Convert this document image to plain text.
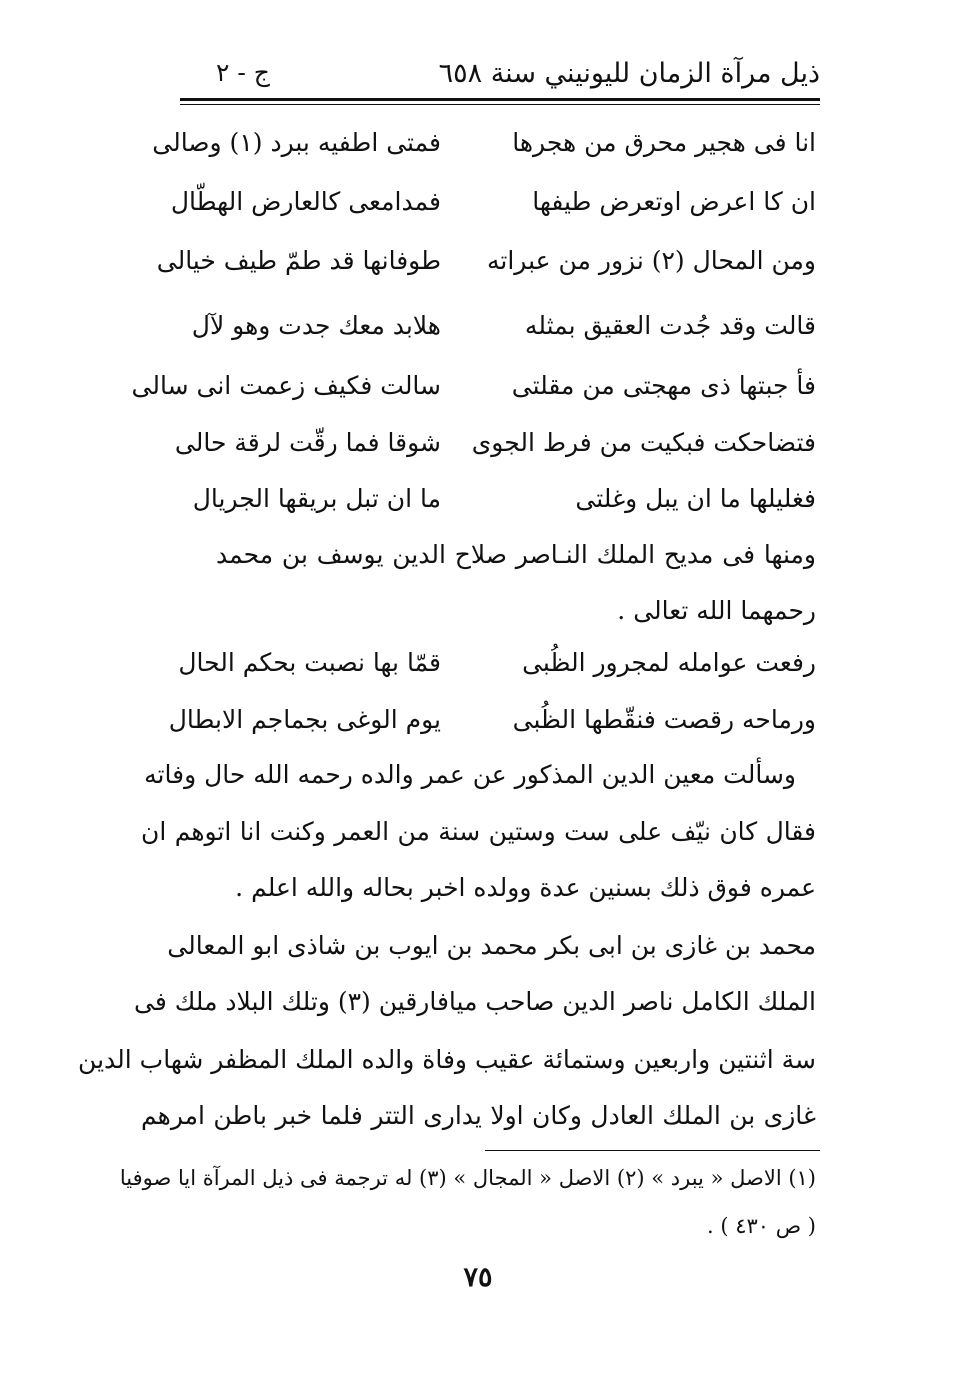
ذيل مرآة الزمان لليونيني سنة ٦٥٨
ج - ٢
انا فى هجير محرق من هجرها
فمتى اطفيه ببرد (١) وصالى
ان كا اعرض اوتعرض طيفها
فمدامعى كالعارض الهطّال
ومن المحال (٢) نزور من عبراته
طوفانها قد طمّ طيف خيالى
قالت وقد جُدت العقيق بمثله
هلابد معك جدت وهو لآل
فأ جبتها ذى مهجتى من مقلتى
سالت فكيف زعمت انى سالى
فتضاحكت فبكيت من فرط الجوى
شوقا فما رقّت لرقة حالى
فغليلها ما ان يبل وغلتى
ما ان تبل بريقها الجريال
ومنها فى مديح الملك النـاصر صلاح الدين يوسف بن محمد
رحمهما الله تعالى .
رفعت عوامله لمجرور الظُبى
قمّا بها نصبت بحكم الحال
ورماحه رقصت فنقّطها الظُبى
يوم الوغى بجماجم الابطال
وسألت معين الدين المذكور عن عمر والده رحمه الله حال وفاته
فقال كان نيّف على ست وستين سنة من العمر وكنت انا اتوهم ان
عمره فوق ذلك بسنين عدة وولده اخبر بحاله والله اعلم .
محمد بن غازى بن ابى بكر محمد بن ايوب بن شاذى ابو المعالى
الملك الكامل ناصر الدين صاحب ميافارقين (٣) وتلك البلاد ملك فى
سة اثنتين واربعين وستمائة عقيب وفاة والده الملك المظفر شهاب الدين
غازى بن الملك العادل وكان اولا يدارى التتر فلما خبر باطن امرهم
(١) الاصل « يبرد » (٢) الاصل « المجال » (٣) له ترجمة فى ذيل المرآة ايا صوفيا
( ص ٤٣٠ ) .
٧٥
